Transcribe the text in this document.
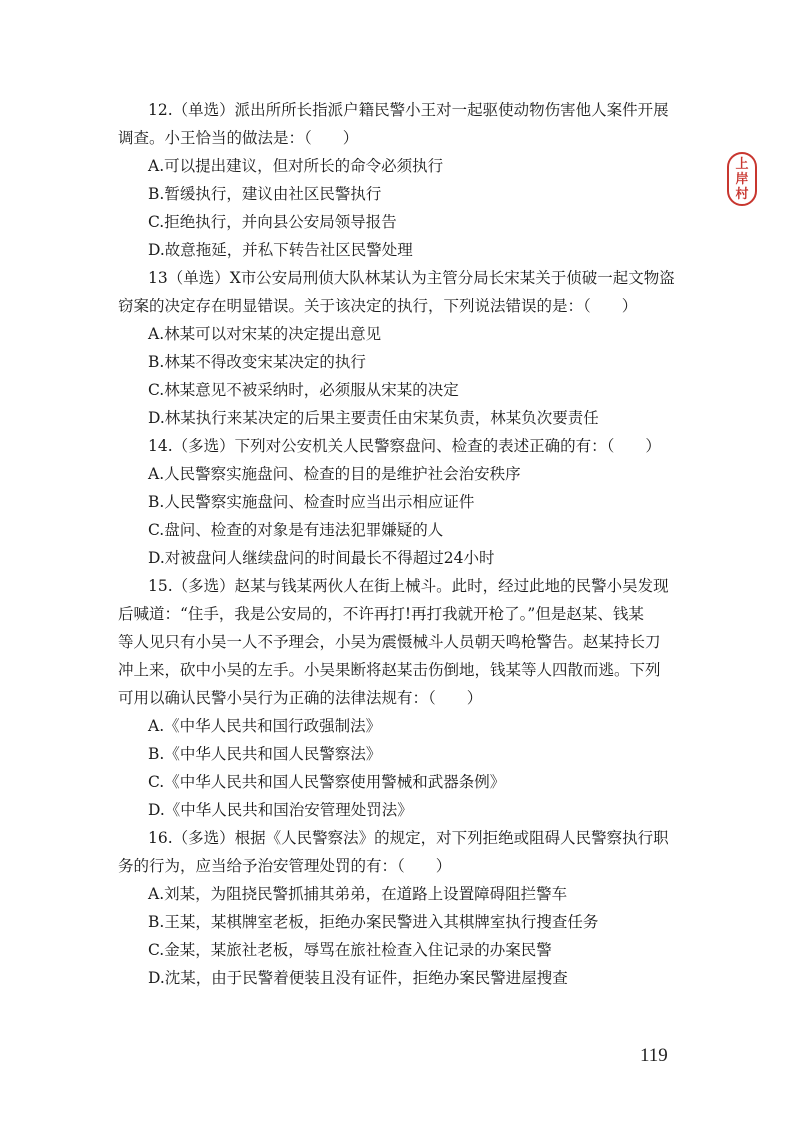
上
岸
村
12.（单选）派出所所长指派户籍民警小王对一起驱使动物伤害他人案件开展
调查。小王恰当的做法是：（　　）
A.可以提出建议，但对所长的命令必须执行
B.暂缓执行，建议由社区民警执行
C.拒绝执行，并向县公安局领导报告
D.故意拖延，并私下转告社区民警处理
13（单选）X市公安局刑侦大队林某认为主管分局长宋某关于侦破一起文物盗
窃案的决定存在明显错误。关于该决定的执行，下列说法错误的是：（　　）
A.林某可以对宋某的决定提出意见
B.林某不得改变宋某决定的执行
C.林某意见不被采纳时，必须服从宋某的决定
D.林某执行来某决定的后果主要责任由宋某负责，林某负次要责任
14.（多选）下列对公安机关人民警察盘问、检查的表述正确的有：（　　）
A.人民警察实施盘问、检查的目的是维护社会治安秩序
B.人民警察实施盘问、检查时应当出示相应证件
C.盘问、检查的对象是有违法犯罪嫌疑的人
D.对被盘问人继续盘问的时间最长不得超过24小时
15.（多选）赵某与钱某两伙人在街上械斗。此时，经过此地的民警小吴发现
后喊道：“住手，我是公安局的，不许再打!再打我就开枪了。”但是赵某、钱某
等人见只有小吴一人不予理会，小吴为震慑械斗人员朝天鸣枪警告。赵某持长刀
冲上来，砍中小吴的左手。小吴果断将赵某击伤倒地，钱某等人四散而逃。下列
可用以确认民警小吴行为正确的法律法规有：（　　）
A.《中华人民共和国行政强制法》
B.《中华人民共和国人民警察法》
C.《中华人民共和国人民警察使用警械和武器条例》
D.《中华人民共和国治安管理处罚法》
16.（多选）根据《人民警察法》的规定，对下列拒绝或阻碍人民警察执行职
务的行为，应当给予治安管理处罚的有：（　　）
A.刘某，为阻挠民警抓捕其弟弟，在道路上设置障碍阻拦警车
B.王某，某棋牌室老板，拒绝办案民警进入其棋牌室执行搜查任务
C.金某，某旅社老板，辱骂在旅社检查入住记录的办案民警
D.沈某，由于民警着便装且没有证件，拒绝办案民警进屋搜查
119
